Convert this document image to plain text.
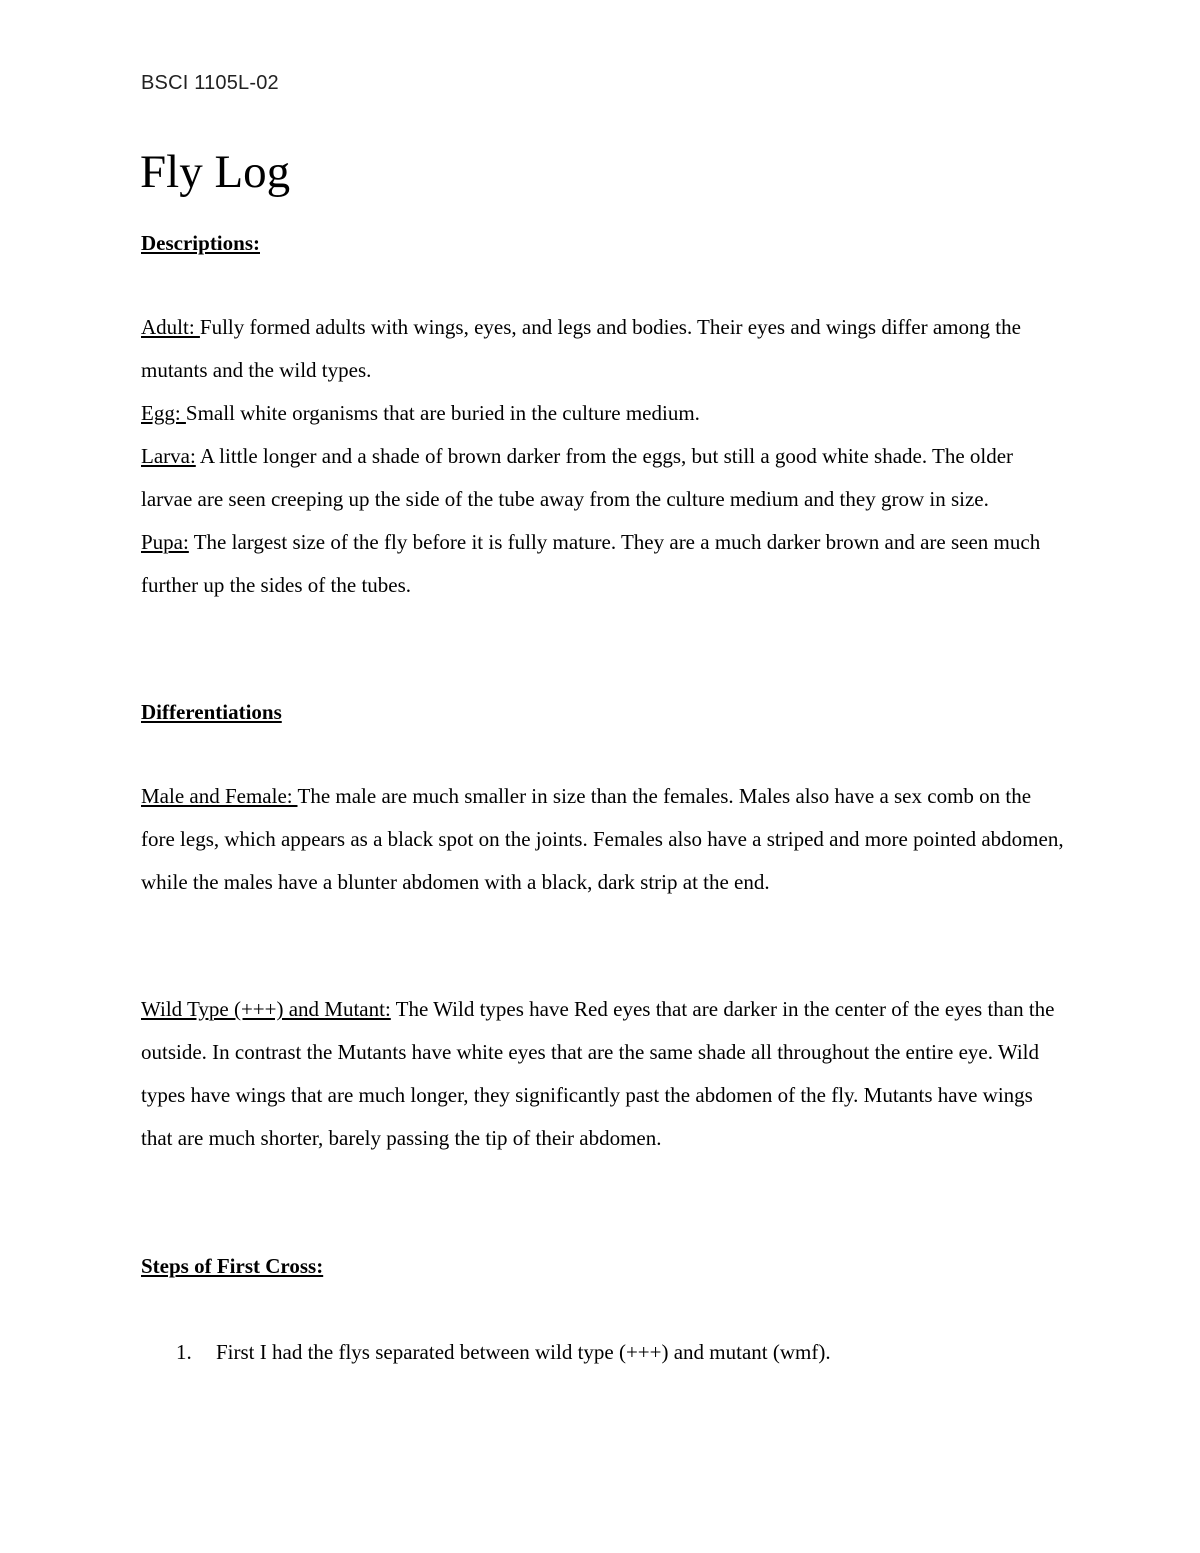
BSCI 1105L-02
Fly Log
Descriptions:

Adult: Fully formed adults with wings, eyes, and legs and bodies. Their eyes and wings differ among the mutants and the wild types.

Egg: Small white organisms that are buried in the culture medium.

Larva: A little longer and a shade of brown darker from the eggs, but still a good white shade. The older larvae are seen creeping up the side of the tube away from the culture medium and they grow in size.

Pupa: The largest size of the fly before it is fully mature. They are a much darker brown and are seen much further up the sides of the tubes.

Differentiations

Male and Female: The male are much smaller in size than the females. Males also have a sex comb on the fore legs, which appears as a black spot on the joints. Females also have a striped and more pointed abdomen, while the males have a blunter abdomen with a black, dark strip at the end.

Wild Type (+++) and Mutant: The Wild types have Red eyes that are darker in the center of the eyes than the outside. In contrast the Mutants have white eyes that are the same shade all throughout the entire eye. Wild types have wings that are much longer, they significantly past the abdomen of the fly. Mutants have wings that are much shorter, barely passing the tip of their abdomen.

Steps of First Cross:
1. First I had the flys separated between wild type (+++) and mutant (wmf).
